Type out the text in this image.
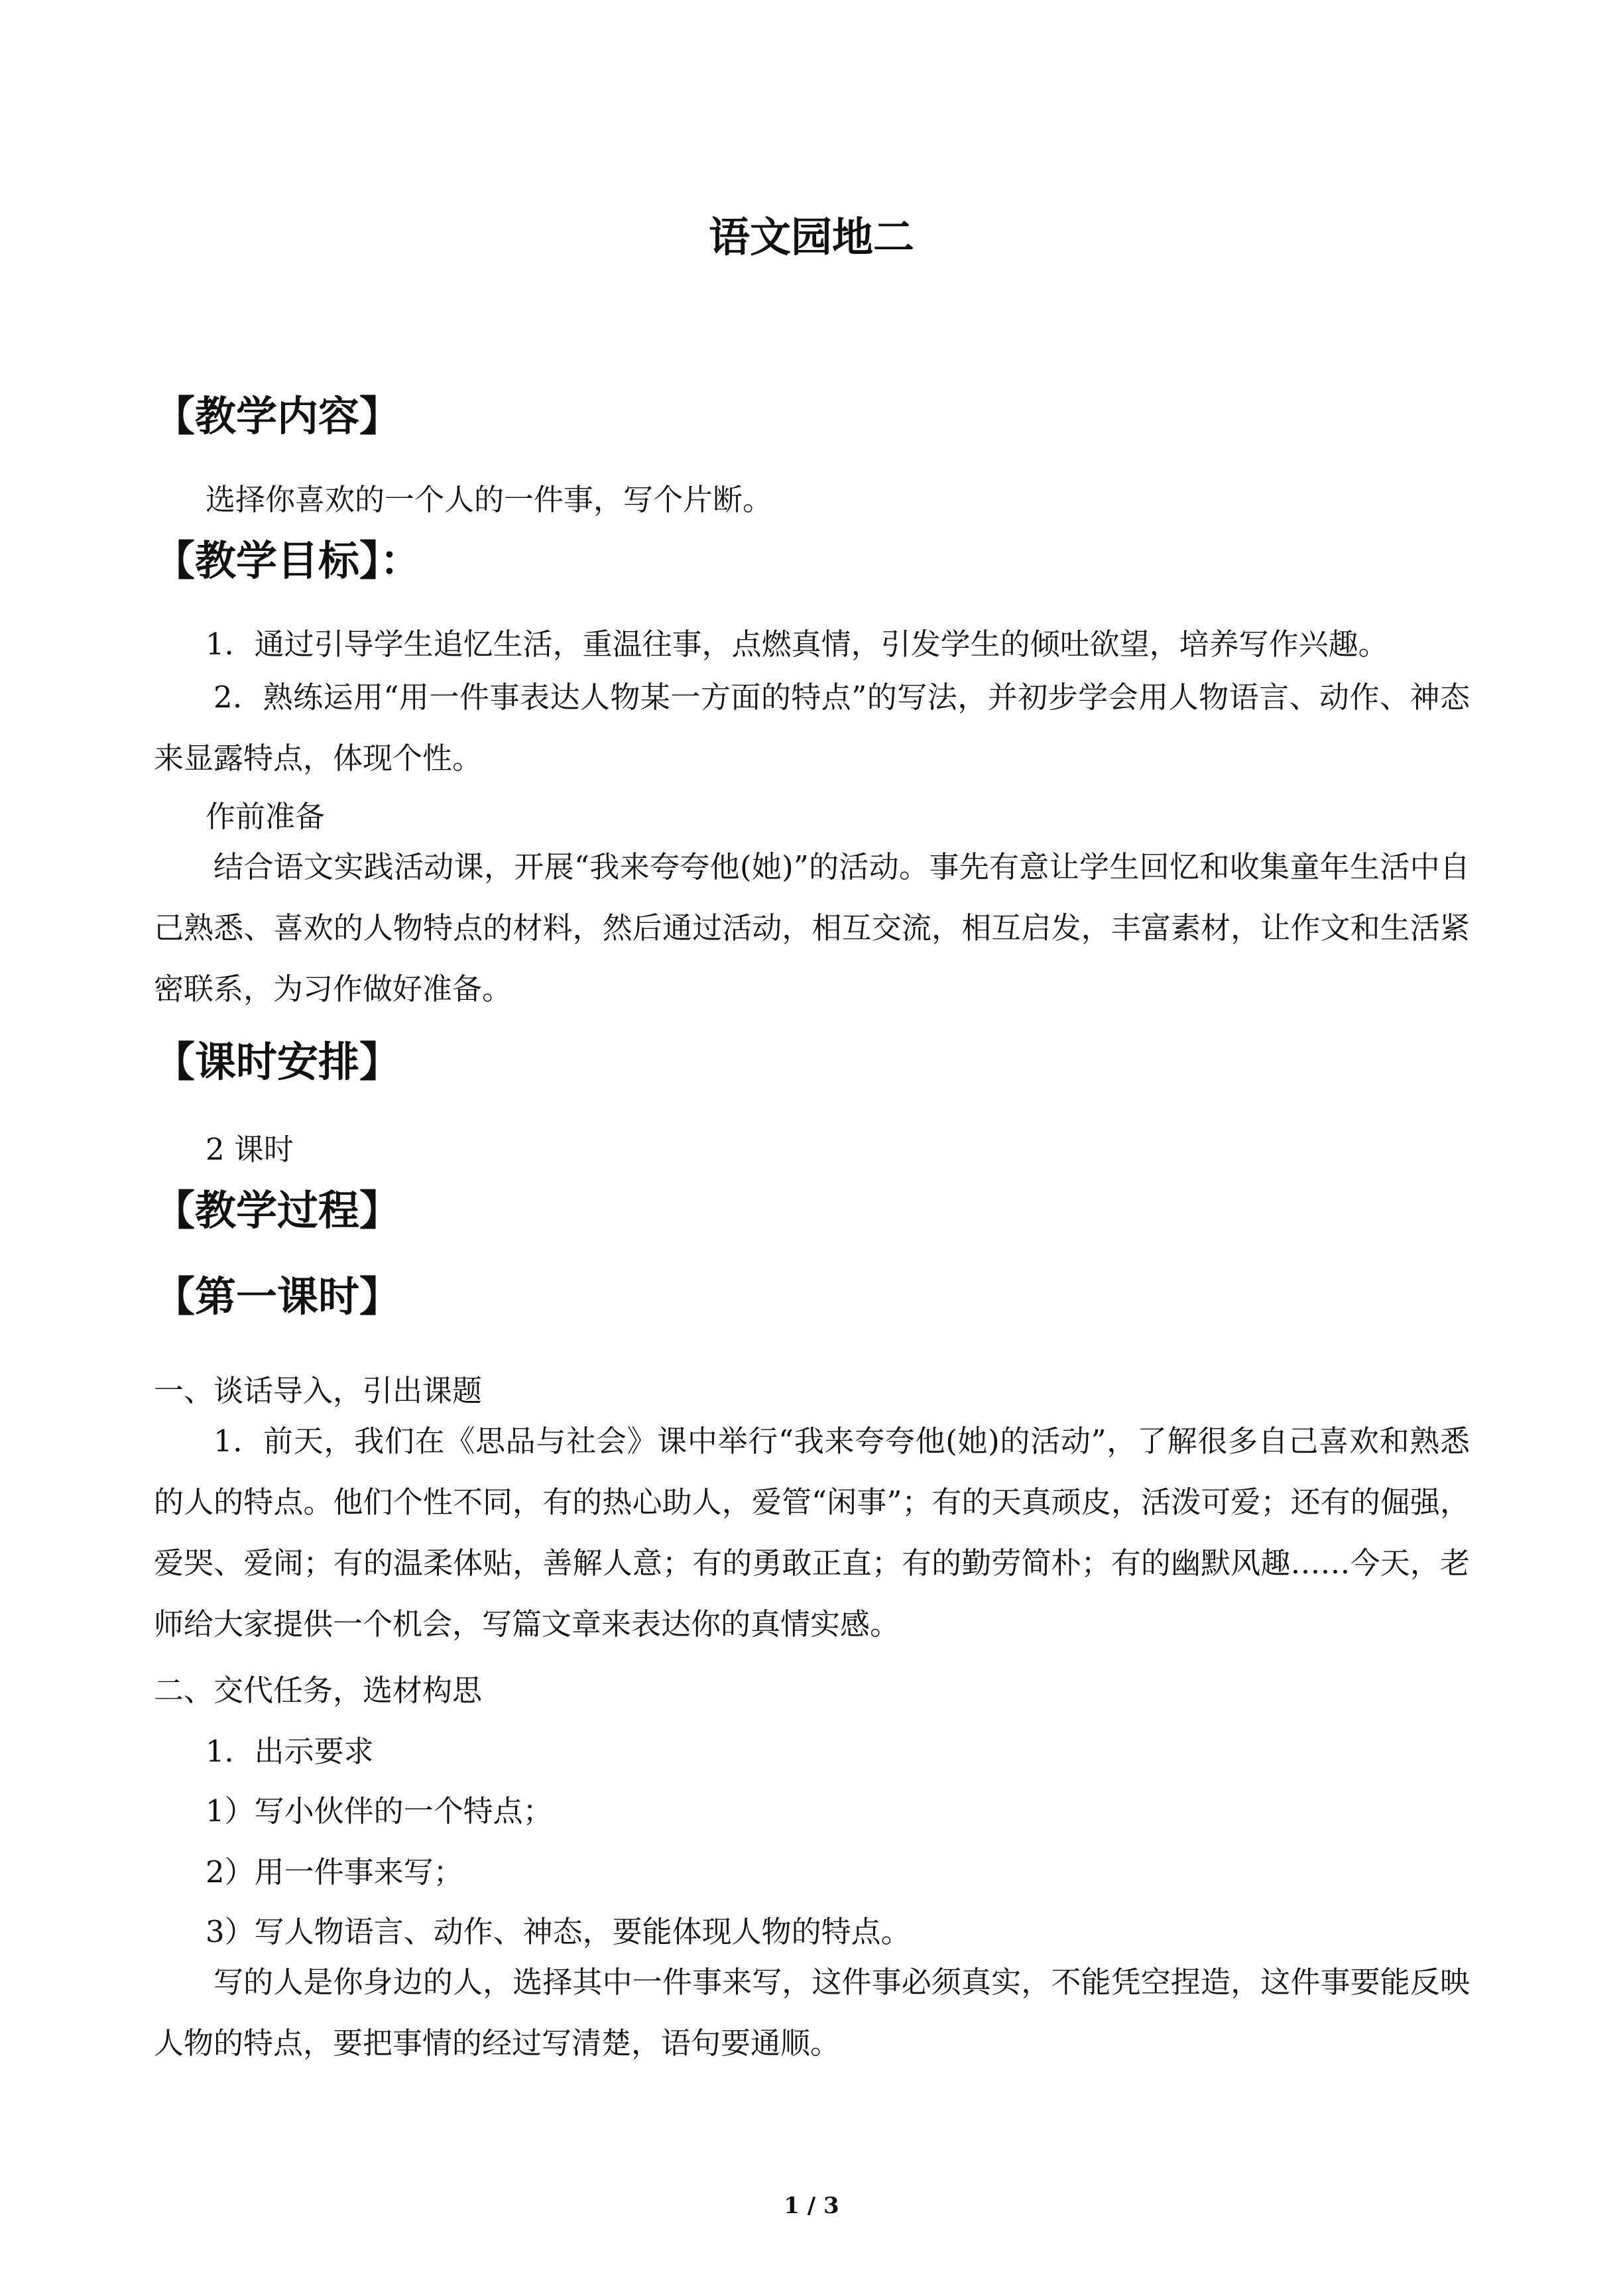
语文园地二
【教学内容】

选择你喜欢的一个人的一件事，写个片断。

【教学目标】：

1．通过引导学生追忆生活，重温往事，点燃真情，引发学生的倾吐欲望，培养写作兴趣。

2．熟练运用“用一件事表达人物某一方面的特点”的写法，并初步学会用人物语言、动作、神态来显露特点，体现个性。

作前准备

结合语文实践活动课，开展“我来夸夸他(她)”的活动。事先有意让学生回忆和收集童年生活中自己熟悉、喜欢的人物特点的材料，然后通过活动，相互交流，相互启发，丰富素材，让作文和生活紧密联系，为习作做好准备。

【课时安排】

2 课时

【教学过程】
【第一课时】

一、谈话导入，引出课题

1．前天，我们在《思品与社会》课中举行“我来夸夸他(她)的活动”，了解很多自己喜欢和熟悉的人的特点。他们个性不同，有的热心助人，爱管“闲事”；有的天真顽皮，活泼可爱；还有的倔强，爱哭、爱闹；有的温柔体贴，善解人意；有的勇敢正直；有的勤劳简朴；有的幽默风趣……今天，老师给大家提供一个机会，写篇文章来表达你的真情实感。

二、交代任务，选材构思

1．出示要求

1）写小伙伴的一个特点；

2）用一件事来写；

3）写人物语言、动作、神态，要能体现人物的特点。

写的人是你身边的人，选择其中一件事来写，这件事必须真实，不能凭空捏造，这件事要能反映人物的特点，要把事情的经过写清楚，语句要通顺。

1 / 3
